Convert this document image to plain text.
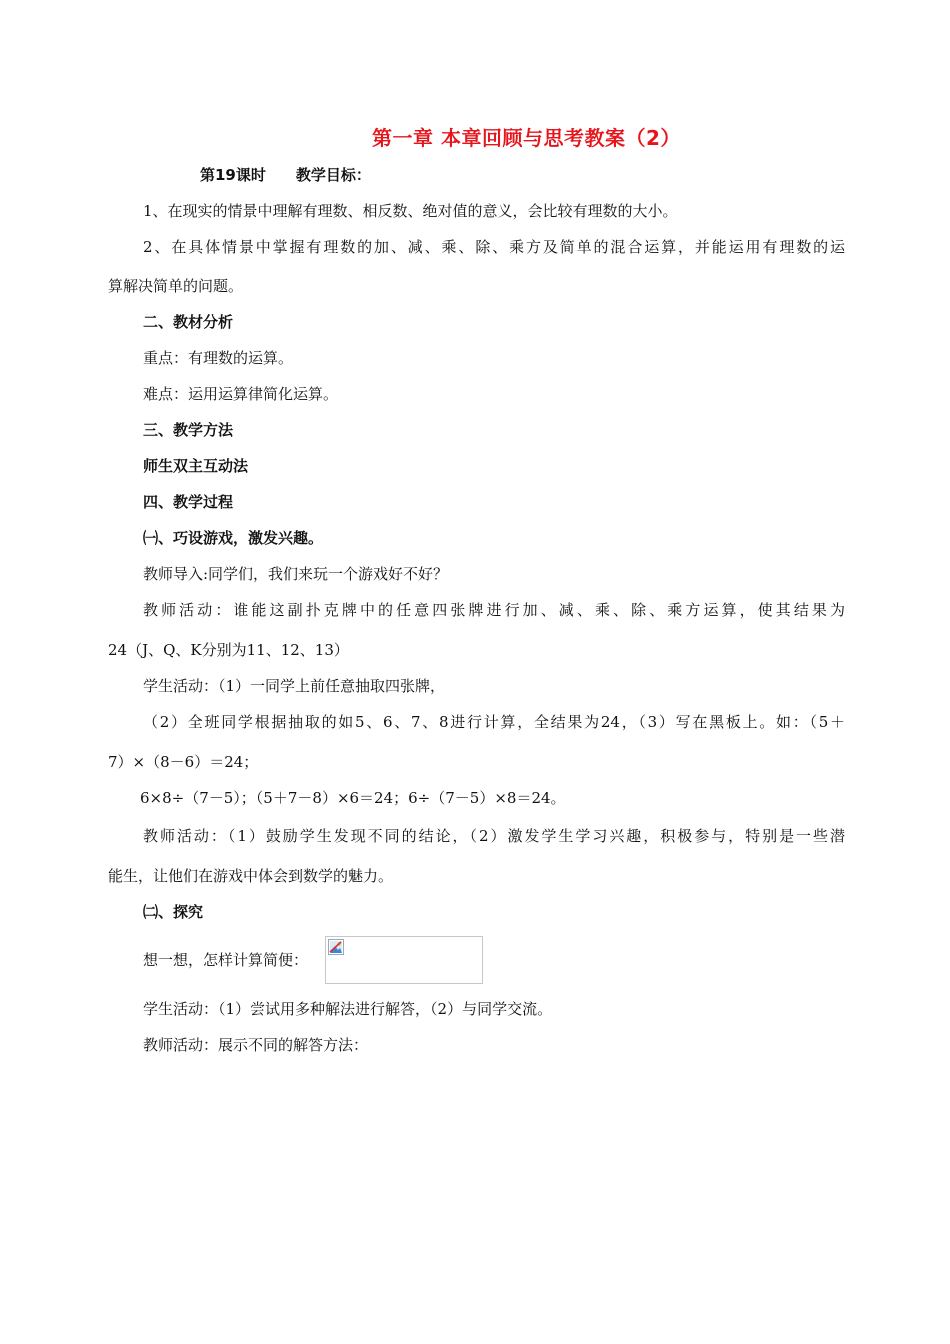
第一章 本章回顾与思考教案（2）
第19课时　　教学目标：
1、在现实的情景中理解有理数、相反数、绝对值的意义，会比较有理数的大小。
2、在具体情景中掌握有理数的加、减、乘、除、乘方及简单的混合运算，并能运用有理数的运
算解决简单的问题。
二、教材分析
重点：有理数的运算。
难点：运用运算律简化运算。
三、教学方法
师生双主互动法
四、教学过程
㈠、巧设游戏，激发兴趣。
教师导入:同学们，我们来玩一个游戏好不好？
教师活动：谁能这副扑克牌中的任意四张牌进行加、减、乘、除、乘方运算，使其结果为
24（J、Q、K分别为11、12、13）
学生活动：（1）一同学上前任意抽取四张牌，
（2）全班同学根据抽取的如5、6、7、8进行计算，全结果为24，（3）写在黑板上。如：（5＋
7）×（8－6）＝24；
6×8÷（7－5）；（5＋7－8）×6＝24；6÷（7－5）×8＝24。
教师活动：（1）鼓励学生发现不同的结论，（2）激发学生学习兴趣，积极参与，特别是一些潜
能生，让他们在游戏中体会到数学的魅力。
㈡、探究
想一想，怎样计算简便：
学生活动：（1）尝试用多种解法进行解答，（2）与同学交流。
教师活动：展示不同的解答方法：
